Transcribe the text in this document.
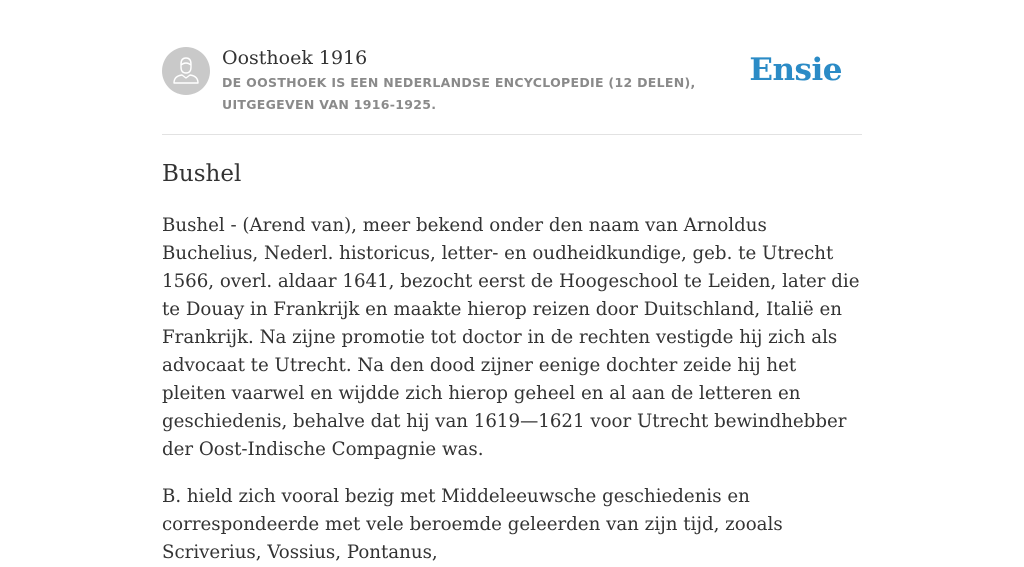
Oosthoek 1916

DE OOSTHOEK IS EEN NEDERLANDSE ENCYCLOPEDIE (12 DELEN), UITGEGEVEN VAN 1916-1925.

Ensie
Bushel

Bushel - (Arend van), meer bekend onder den naam van Arnoldus Buchelius, Nederl. historicus, letter- en oudheidkundige, geb. te Utrecht 1566, overl. aldaar 1641, bezocht eerst de Hoogeschool te Leiden, later die te Douay in Frankrijk en maakte hierop reizen door Duitschland, Italië en Frankrijk. Na zijne promotie tot doctor in de rechten vestigde hij zich als advocaat te Utrecht. Na den dood zijner eenige dochter zeide hij het pleiten vaarwel en wijdde zich hierop geheel en al aan de letteren en geschiedenis, behalve dat hij van 1619—1621 voor Utrecht bewindhebber der Oost-Indische Compagnie was.

B. hield zich vooral bezig met Middeleeuwsche geschiedenis en correspondeerde met vele beroemde geleerden van zijn tijd, zooals Scriverius, Vossius, Pontanus,
